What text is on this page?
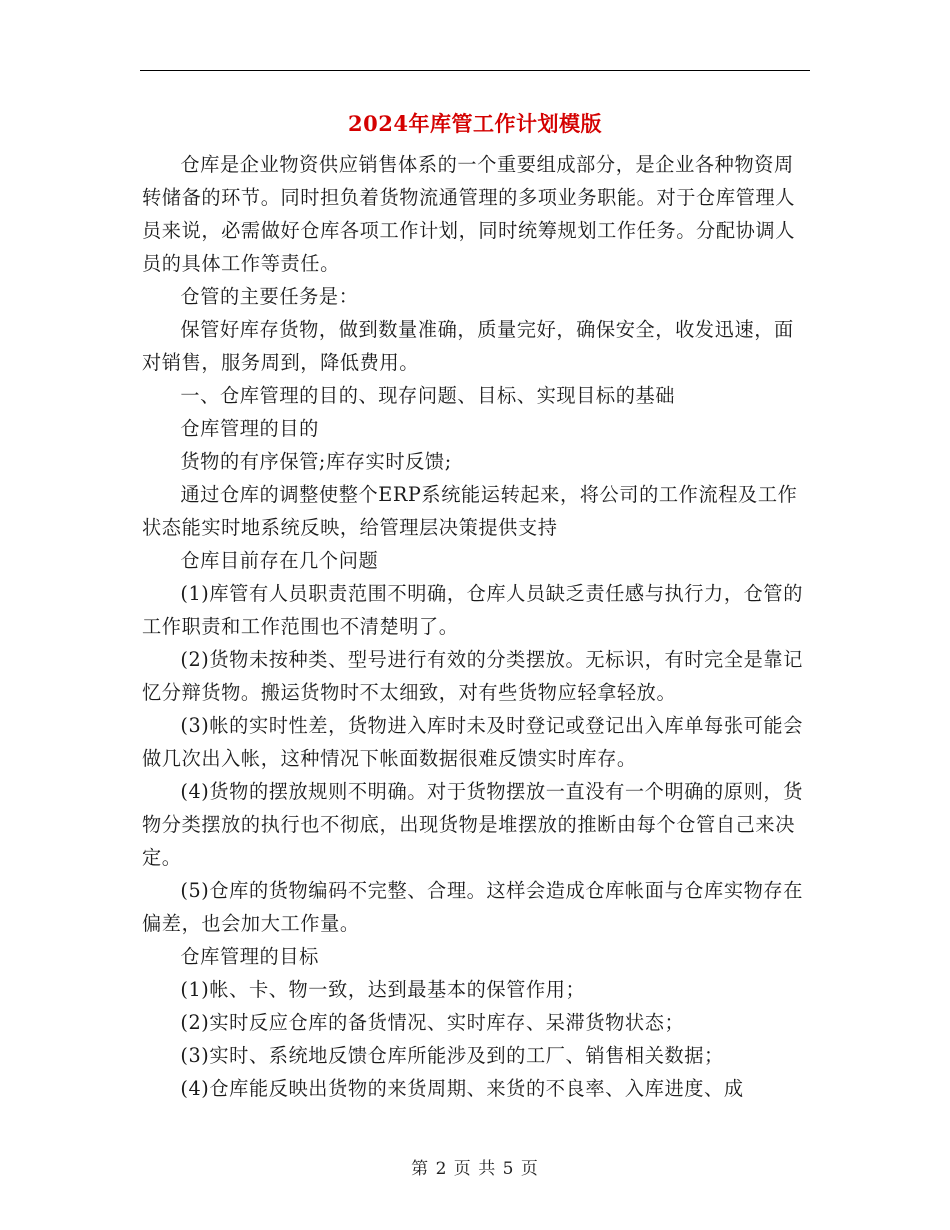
2024年库管工作计划模版

仓库是企业物资供应销售体系的一个重要组成部分，是企业各种物资周转储备的环节。同时担负着货物流通管理的多项业务职能。对于仓库管理人员来说，必需做好仓库各项工作计划，同时统筹规划工作任务。分配协调人员的具体工作等责任。

仓管的主要任务是：

保管好库存货物，做到数量准确，质量完好，确保安全，收发迅速，面对销售，服务周到，降低费用。

一、仓库管理的目的、现存问题、目标、实现目标的基础

仓库管理的目的

货物的有序保管;库存实时反馈;

通过仓库的调整使整个ERP系统能运转起来，将公司的工作流程及工作状态能实时地系统反映，给管理层决策提供支持

仓库目前存在几个问题

(1)库管有人员职责范围不明确，仓库人员缺乏责任感与执行力，仓管的工作职责和工作范围也不清楚明了。

(2)货物未按种类、型号进行有效的分类摆放。无标识，有时完全是靠记忆分辩货物。搬运货物时不太细致，对有些货物应轻拿轻放。

(3)帐的实时性差，货物进入库时未及时登记或登记出入库单每张可能会做几次出入帐，这种情况下帐面数据很难反馈实时库存。

(4)货物的摆放规则不明确。对于货物摆放一直没有一个明确的原则，货物分类摆放的执行也不彻底，出现货物是堆摆放的推断由每个仓管自己来决定。

(5)仓库的货物编码不完整、合理。这样会造成仓库帐面与仓库实物存在偏差，也会加大工作量。

仓库管理的目标

(1)帐、卡、物一致，达到最基本的保管作用；

(2)实时反应仓库的备货情况、实时库存、呆滞货物状态；

(3)实时、系统地反馈仓库所能涉及到的工厂、销售相关数据；

(4)仓库能反映出货物的来货周期、来货的不良率、入库进度、成

第 2 页 共 5 页
